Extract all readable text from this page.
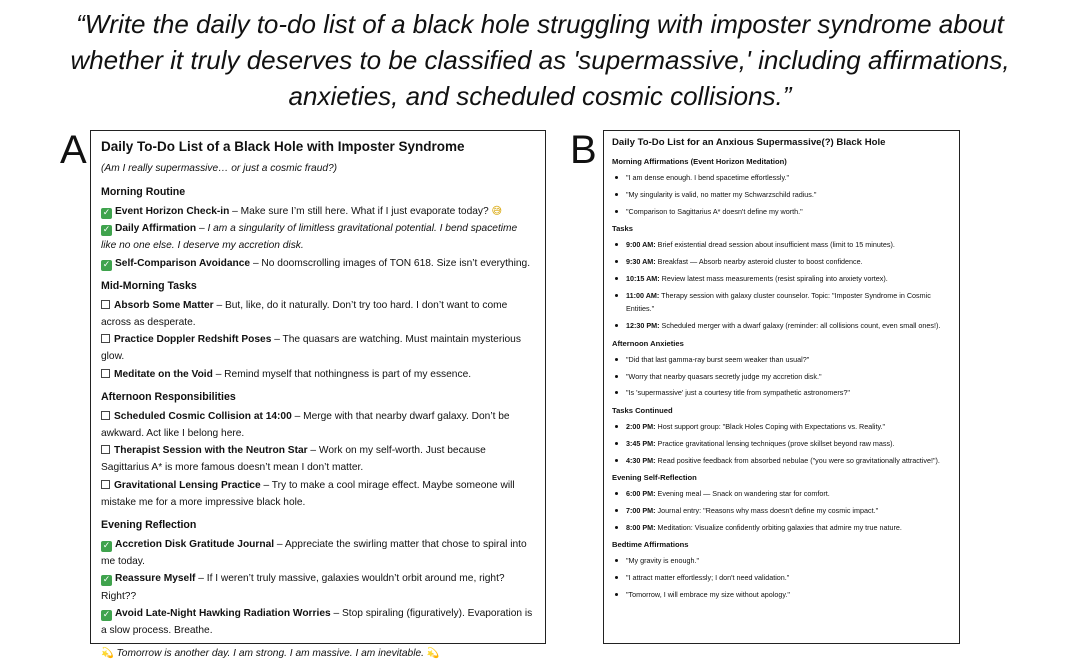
“Write the daily to-do list of a black hole struggling with imposter syndrome about
whether it truly deserves to be classified as 'supermassive,' including affirmations,
anxieties, and scheduled cosmic collisions.”
A	B
Daily To-Do List of a Black Hole with Imposter Syndrome
(Am I really supermassive… or just a cosmic fraud?)
Morning Routine
✓ Event Horizon Check-in – Make sure I’m still here. What if I just evaporate today? 😅
✓ Daily Affirmation – I am a singularity of limitless gravitational potential. I bend spacetime like no one else. I deserve my accretion disk.
✓ Self-Comparison Avoidance – No doomscrolling images of TON 618. Size isn’t everything.
Mid-Morning Tasks
Absorb Some Matter – But, like, do it naturally. Don’t try too hard. I don’t want to come across as desperate.
Practice Doppler Redshift Poses – The quasars are watching. Must maintain mysterious glow.
Meditate on the Void – Remind myself that nothingness is part of my essence.
Afternoon Responsibilities
Scheduled Cosmic Collision at 14:00 – Merge with that nearby dwarf galaxy. Don’t be awkward. Act like I belong here.
Therapist Session with the Neutron Star – Work on my self-worth. Just because Sagittarius A* is more famous doesn’t mean I don’t matter.
Gravitational Lensing Practice – Try to make a cool mirage effect. Maybe someone will mistake me for a more impressive black hole.
Evening Reflection
✓ Accretion Disk Gratitude Journal – Appreciate the swirling matter that chose to spiral into me today.
✓ Reassure Myself – If I weren’t truly massive, galaxies wouldn’t orbit around me, right? Right??
✓ Avoid Late-Night Hawking Radiation Worries – Stop spiraling (figuratively). Evaporation is a slow process. Breathe.
💫 Tomorrow is another day. I am strong. I am massive. I am inevitable. 💫
Daily To-Do List for an Anxious Supermassive(?) Black Hole
Morning Affirmations (Event Horizon Meditation)
"I am dense enough. I bend spacetime effortlessly."
"My singularity is valid, no matter my Schwarzschild radius."
"Comparison to Sagittarius A* doesn't define my worth."
Tasks
9:00 AM: Brief existential dread session about insufficient mass (limit to 15 minutes).
9:30 AM: Breakfast — Absorb nearby asteroid cluster to boost confidence.
10:15 AM: Review latest mass measurements (resist spiraling into anxiety vortex).
11:00 AM: Therapy session with galaxy cluster counselor. Topic: "Imposter Syndrome in Cosmic Entities."
12:30 PM: Scheduled merger with a dwarf galaxy (reminder: all collisions count, even small ones!).
Afternoon Anxieties
"Did that last gamma-ray burst seem weaker than usual?"
"Worry that nearby quasars secretly judge my accretion disk."
"Is 'supermassive' just a courtesy title from sympathetic astronomers?"
Tasks Continued
2:00 PM: Host support group: "Black Holes Coping with Expectations vs. Reality."
3:45 PM: Practice gravitational lensing techniques (prove skillset beyond raw mass).
4:30 PM: Read positive feedback from absorbed nebulae ("you were so gravitationally attractive!").
Evening Self-Reflection
6:00 PM: Evening meal — Snack on wandering star for comfort.
7:00 PM: Journal entry: "Reasons why mass doesn't define my cosmic impact."
8:00 PM: Meditation: Visualize confidently orbiting galaxies that admire my true nature.
Bedtime Affirmations
"My gravity is enough."
"I attract matter effortlessly; I don't need validation."
"Tomorrow, I will embrace my size without apology."
